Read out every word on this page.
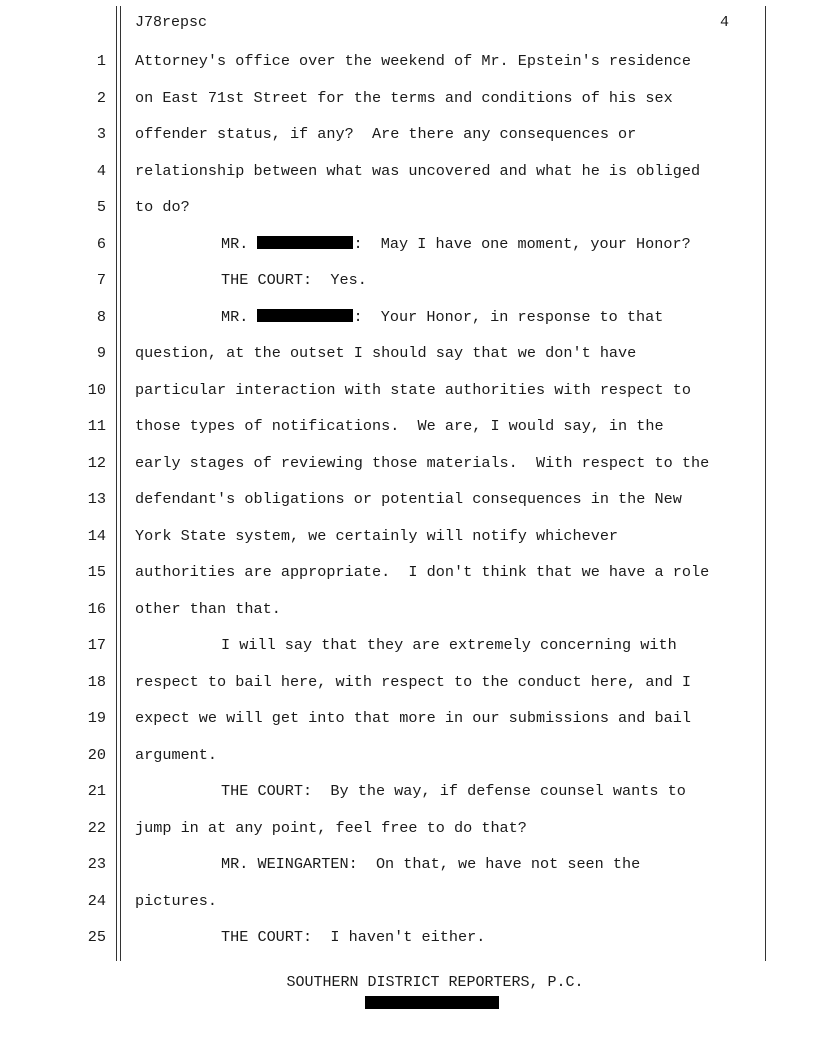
J78repsc	4

1

Attorney's office over the weekend of Mr. Epstein's residence

2

on East 71st Street for the terms and conditions of his sex

3

offender status, if any?  Are there any consequences or

4

relationship between what was uncovered and what he is obliged

5

to do?

6

	MR.	:  May I have one moment, your Honor?

7

	THE COURT:  Yes.

8

	MR.	:  Your Honor, in response to that

9

question, at the outset I should say that we don't have

10

particular interaction with state authorities with respect to

11

those types of notifications.  We are, I would say, in the

12

early stages of reviewing those materials.  With respect to the

13

defendant's obligations or potential consequences in the New

14

York State system, we certainly will notify whichever

15

authorities are appropriate.  I don't think that we have a role

16

other than that.

17

	I will say that they are extremely concerning with

18

respect to bail here, with respect to the conduct here, and I

19

expect we will get into that more in our submissions and bail

20

argument.

21

	THE COURT:  By the way, if defense counsel wants to

22

jump in at any point, feel free to do that?

23

	MR. WEINGARTEN:  On that, we have not seen the

24

pictures.

25

	THE COURT:  I haven't either.

SOUTHERN DISTRICT REPORTERS, P.C.
